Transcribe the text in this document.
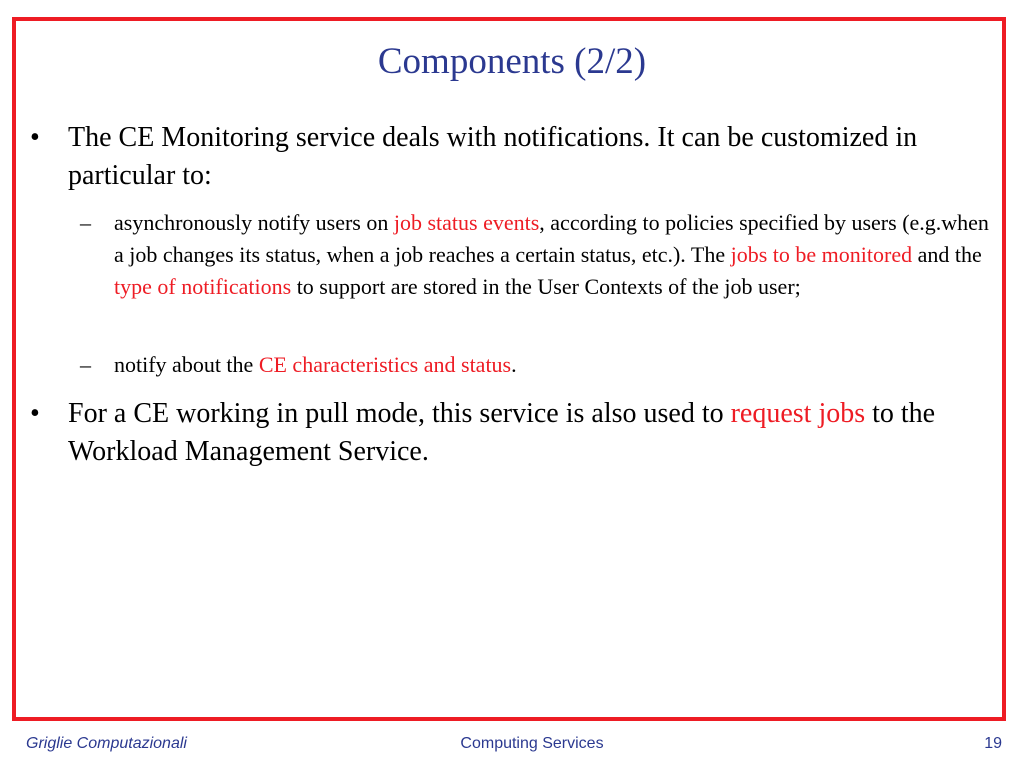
Components (2/2)
• The CE Monitoring service deals with notifications. It can be customized in particular to:
– asynchronously notify users on job status events, according to policies specified by users (e.g.when a job changes its status, when a job reaches a certain status, etc.). The jobs to be monitored and the type of notifications to support are stored in the User Contexts of the job user;
– notify about the CE characteristics and status.
• For a CE working in pull mode, this service is also used to request jobs to the Workload Management Service.
Griglie Computazionali	Computing Services	19
